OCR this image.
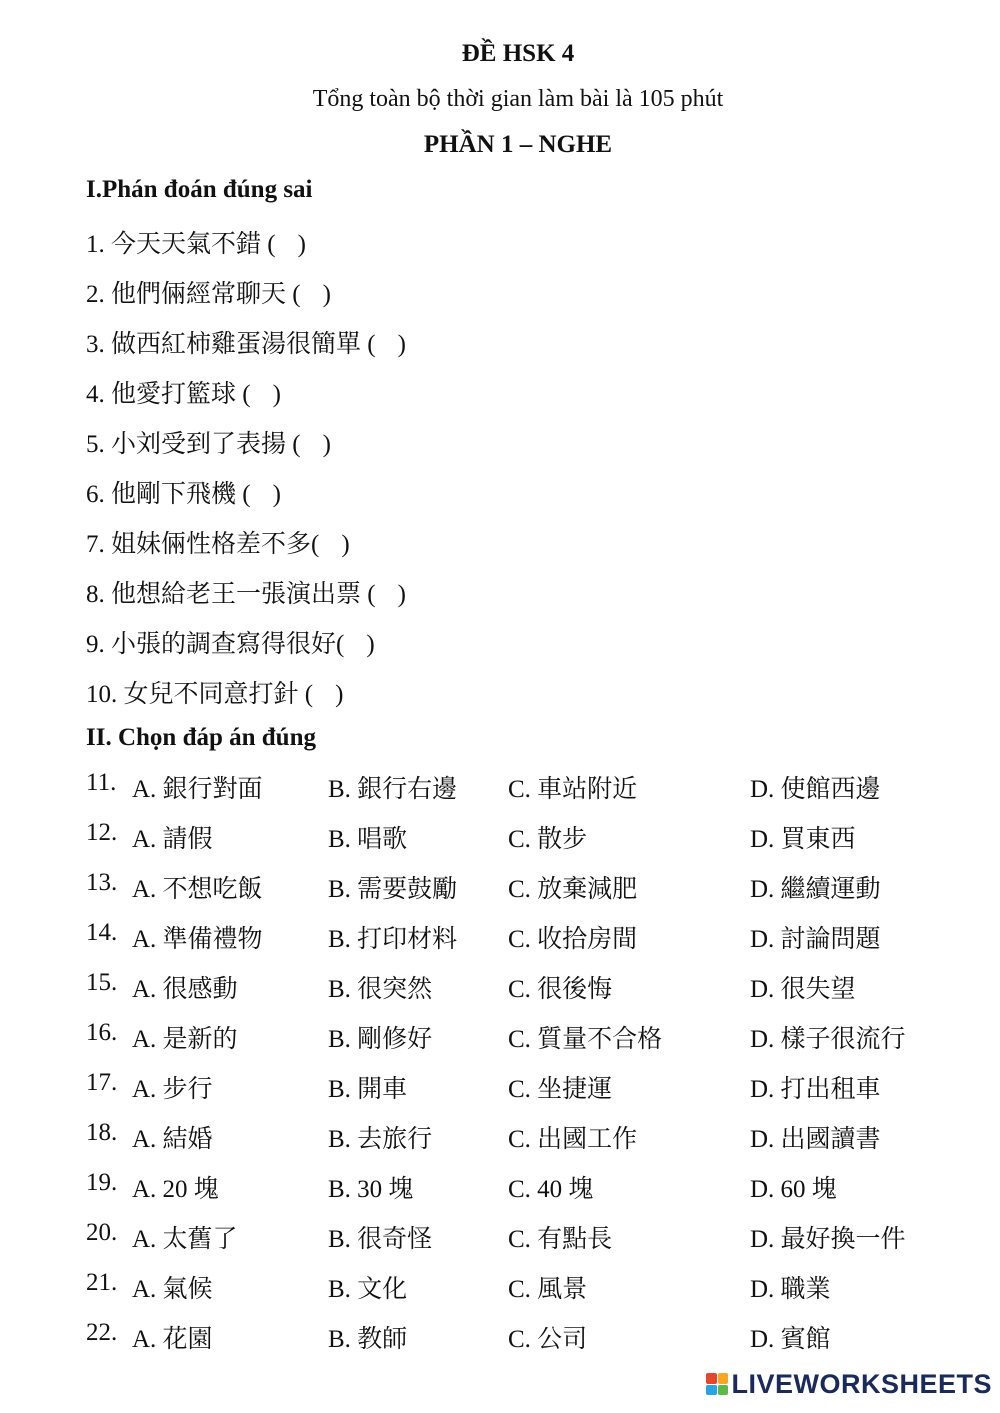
ĐỀ HSK 4
Tổng toàn bộ thời gian làm bài là 105 phút
PHẦN 1 – NGHE
I.Phán đoán đúng sai
1. 今天天氣不錯 ( )
2. 他們倆經常聊天 ( )
3. 做西紅柿雞蛋湯很簡單 ( )
4. 他愛打籃球 ( )
5. 小刘受到了表揚 ( )
6. 他剛下飛機 ( )
7. 姐妹倆性格差不多( )
8. 他想給老王一張演出票 ( )
9. 小張的調查寫得很好( )
10. 女兒不同意打針 ( )
II. Chọn đáp án đúng
11. A. 銀行對面	B. 銀行右邊 C. 車站附近	D. 使館西邊
12. A. 請假	B. 唱歌	C. 散步	D. 買東西
13. A. 不想吃飯	B. 需要鼓勵 C. 放棄減肥	D. 繼續運動
14. A. 準備禮物	B. 打印材料 C. 收拾房間	D. 討論問題
15. A. 很感動	B. 很突然	C. 很後悔	D. 很失望
16. A. 是新的	B. 剛修好	C. 質量不合格	D. 樣子很流行
17. A. 步行	B. 開車	C. 坐捷運	D. 打出租車
18. A. 結婚	B. 去旅行	C. 出國工作	D. 出國讀書
19. A. 20 塊	B. 30 塊	C. 40 塊	D. 60 塊
20. A. 太舊了	B. 很奇怪	C. 有點長	D. 最好換一件
21. A. 氣候	B. 文化	C. 風景	D. 職業
22. A. 花園	B. 教師	C. 公司	D. 賓館
LIVEWORKSHEETS
